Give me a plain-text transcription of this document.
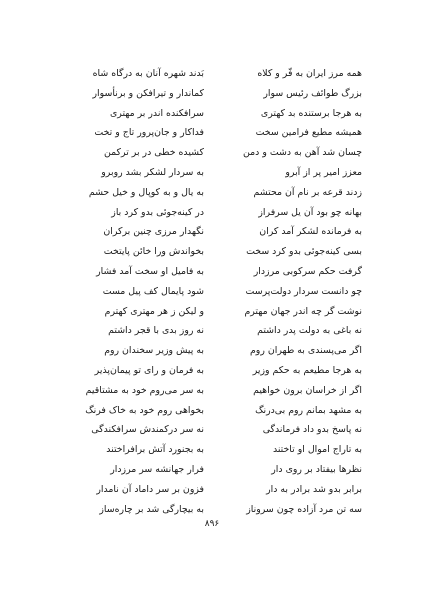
همه مرز ایران به فّر و کلاه
بزرگ طوائف رئیس سوار
به هرجا برستنده بد کهتری
همیشه مطیع فرامین سخت
چسان شد آهن به دشت و دمن
معزز امیر پر از آبرو
زدند قرعه بر نام آن محتشم
بهانه چو بود آن یل سرفراز
به فرمانده لشکر آمد کران
بسی کینه‌جوئی بدو کرد سخت
گرفت حکم سرکوبی مرزدار
چو دانست سردار دولت‌پرست
نوشت گر چه اندر جهان مهترم
نه باغی به دولت پدر داشتم
اگر می‌پسندی به طهران روم
به هرجا مطیعم به حکم وزیر
اگر از خراسان برون خواهیم
به مشهد بمانم روم بی‌درنگ
نه پاسخ بدو داد فرماندگی
به تاراج اموال او تاختند
نظرها بیفتاد بر روی دار
برابر بدو شد برادر به دار
سه تن مرد آزاده چون سروناز
بَدند شهره آنان به درگاه شاه
کماندار و تیرافکن و برنأسوار
سرافکنده اندر بر مهتری
فداکار و جان‌پرور تاج و تخت
کشیده خطی در بر ترکمن
به سردار لشکر بشد روبرو
به یال و به کوپال و خیل حشم
در کینه‌جوئی بدو کرد باز
نگهدار مرزی چنین برکران
بخواندش ورا خائن پایتخت
به فامیل او سخت آمد فشار
شود پایمال کف پیل مست
و لیکن ز هر مهتری کهترم
نه روز بدی با قجر داشتم
به پیش وزیر سخندان روم
به فرمان و رای تو پیمان‌پذیر
به سر می‌روم خود به مشتاقیم
بخواهی روم خود به خاک فرنگ
نه سر درکمندش سرافکندگی
به بجنورد آتش برافراختند
فرار جهانشه سر مرزدار
فزون بر سر داماد آن نامدار
به بیچارگی شد بر چاره‌ساز
۸۹۶
